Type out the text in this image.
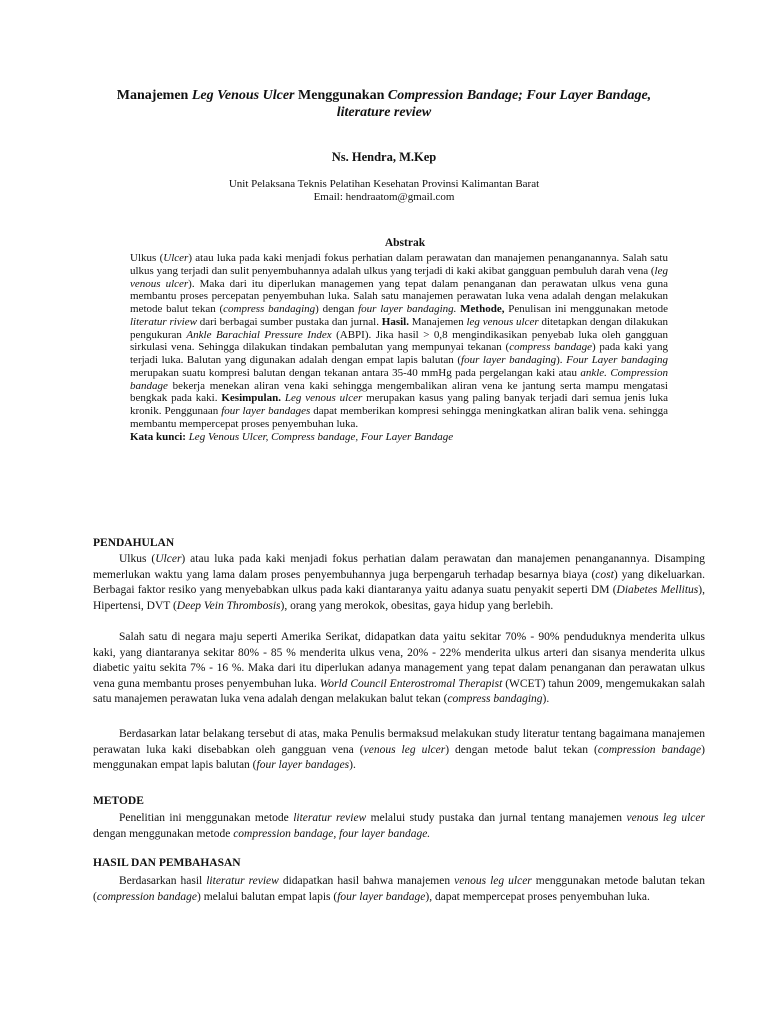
Manajemen Leg Venous Ulcer Menggunakan Compression Bandage; Four Layer Bandage,
literature review
Ns. Hendra, M.Kep
Unit Pelaksana Teknis Pelatihan Kesehatan Provinsi Kalimantan Barat
Email: hendraatom@gmail.com
Abstrak
Ulkus (Ulcer) atau luka pada kaki menjadi fokus perhatian dalam perawatan dan manajemen penanganannya. Salah satu ulkus yang terjadi dan sulit penyembuhannya adalah ulkus yang terjadi di kaki akibat gangguan pembuluh darah vena (leg venous ulcer). Maka dari itu diperlukan managemen yang tepat dalam penanganan dan perawatan ulkus vena guna membantu proses percepatan penyembuhan luka. Salah satu manajemen perawatan luka vena adalah dengan melakukan metode balut tekan (compress bandaging) dengan four layer bandaging. Methode, Penulisan ini menggunakan metode literatur riview dari berbagai sumber pustaka dan jurnal. Hasil. Manajemen leg venous ulcer ditetapkan dengan dilakukan pengukuran Ankle Barachial Pressure Index (ABPI). Jika hasil > 0,8 mengindikasikan penyebab luka oleh gangguan sirkulasi vena. Sehingga dilakukan tindakan pembalutan yang mempunyai tekanan (compress bandage) pada kaki yang terjadi luka. Balutan yang digunakan adalah dengan empat lapis balutan (four layer bandaging). Four Layer bandaging merupakan suatu kompresi balutan dengan tekanan antara 35-40 mmHg pada pergelangan kaki atau ankle. Compression bandage bekerja menekan aliran vena kaki sehingga mengembalikan aliran vena ke jantung serta mampu mengatasi bengkak pada kaki. Kesimpulan. Leg venous ulcer merupakan kasus yang paling banyak terjadi dari semua jenis luka kronik. Penggunaan four layer bandages dapat memberikan kompresi sehingga meningkatkan aliran balik vena. sehingga membantu mempercepat proses penyembuhan luka.
Kata kunci: Leg Venous Ulcer, Compress bandage, Four Layer Bandage
PENDAHULAN
Ulkus (Ulcer) atau luka pada kaki menjadi fokus perhatian dalam perawatan dan manajemen penanganannya. Disamping memerlukan waktu yang lama dalam proses penyembuhannya juga berpengaruh terhadap besarnya biaya (cost) yang dikeluarkan. Berbagai faktor resiko yang menyebabkan ulkus pada kaki diantaranya yaitu adanya suatu penyakit seperti DM (Diabetes Mellitus), Hipertensi, DVT (Deep Vein Thrombosis), orang yang merokok, obesitas, gaya hidup yang berlebih.
Salah satu di negara maju seperti Amerika Serikat, didapatkan data yaitu sekitar 70% - 90% penduduknya menderita ulkus kaki, yang diantaranya sekitar 80% - 85 % menderita ulkus vena, 20% - 22% menderita ulkus arteri dan sisanya menderita ulkus diabetic yaitu sekita 7% - 16 %. Maka dari itu diperlukan adanya management yang tepat dalam penanganan dan perawatan ulkus vena guna membantu proses penyembuhan luka. World Council Enterostromal Therapist (WCET) tahun 2009, mengemukakan salah satu manajemen perawatan luka vena adalah dengan melakukan balut tekan (compress bandaging).
Berdasarkan latar belakang tersebut di atas, maka Penulis bermaksud melakukan study literatur tentang bagaimana manajemen perawatan luka kaki disebabkan oleh gangguan vena (venous leg ulcer) dengan metode balut tekan (compression bandage) menggunakan empat lapis balutan (four layer bandages).
METODE
Penelitian ini menggunakan metode literatur review melalui study pustaka dan jurnal tentang manajemen venous leg ulcer dengan menggunakan metode compression bandage, four layer bandage.
HASIL DAN PEMBAHASAN
Berdasarkan hasil literatur review didapatkan hasil bahwa manajemen venous leg ulcer menggunakan metode balutan tekan (compression bandage) melalui balutan empat lapis (four layer bandage), dapat mempercepat proses penyembuhan luka.
